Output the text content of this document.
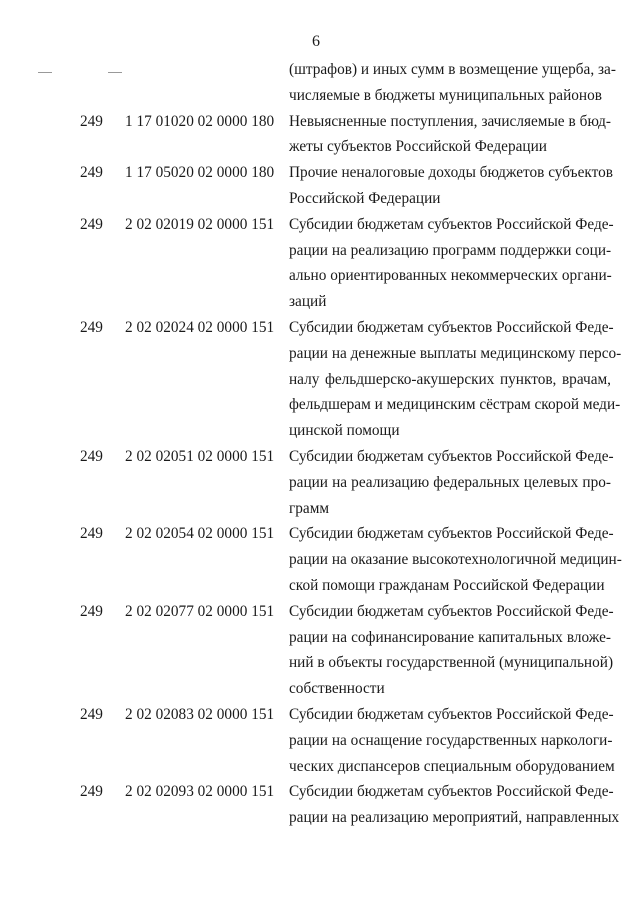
6
(штрафов) и иных сумм в возмещение ущерба, за-
числяемые в бюджеты муниципальных районов
249 1 17 01020 02 0000 180 Невыясненные поступления, зачисляемые в бюд-
жеты субъектов Российской Федерации
249 1 17 05020 02 0000 180 Прочие неналоговые доходы бюджетов субъектов
Российской Федерации
249 2 02 02019 02 0000 151 Субсидии бюджетам субъектов Российской Феде-
рации на реализацию программ поддержки соци-
ально ориентированных некоммерческих органи-
заций
249 2 02 02024 02 0000 151 Субсидии бюджетам субъектов Российской Феде-
рации на денежные выплаты медицинскому персо-
налу фельдшерско-акушерских пунктов, врачам,
фельдшерам и медицинским сёстрам скорой меди-
цинской помощи
249 2 02 02051 02 0000 151 Субсидии бюджетам субъектов Российской Феде-
рации на реализацию федеральных целевых про-
грамм
249 2 02 02054 02 0000 151 Субсидии бюджетам субъектов Российской Феде-
рации на оказание высокотехнологичной медицин-
ской помощи гражданам Российской Федерации
249 2 02 02077 02 0000 151 Субсидии бюджетам субъектов Российской Феде-
рации на софинансирование капитальных вложе-
ний в объекты государственной (муниципальной)
собственности
249 2 02 02083 02 0000 151 Субсидии бюджетам субъектов Российской Феде-
рации на оснащение государственных наркологи-
ческих диспансеров специальным оборудованием
249 2 02 02093 02 0000 151 Субсидии бюджетам субъектов Российской Феде-
рации на реализацию мероприятий, направленных
